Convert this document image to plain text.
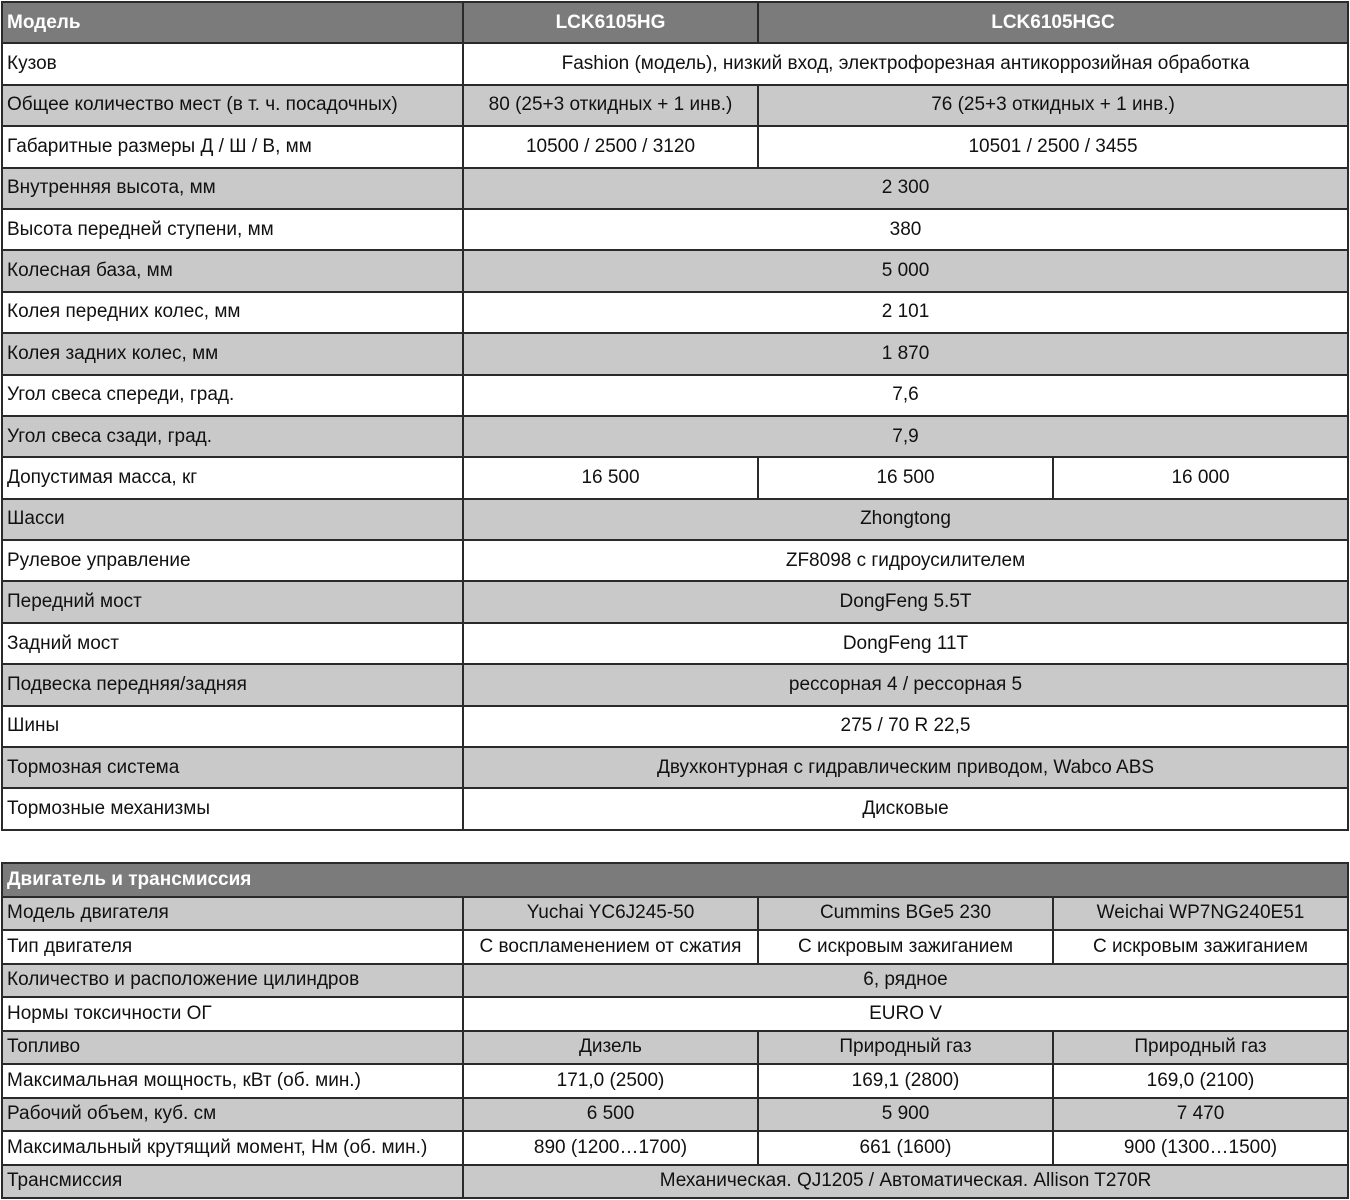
Модель	LCK6105HG	LCK6105HGC	
Кузов	Fashion (модель), низкий вход, электрофорезная антикоррозийная обработка		
Общее количество мест (в т. ч. посадочных)	80 (25+3 откидных + 1 инв.)	76 (25+3 откидных + 1 инв.)	
Габаритные размеры Д / Ш / В, мм	10500 / 2500 / 3120	10501 / 2500 / 3455	
Внутренняя высота, мм	2 300		
Высота передней ступени, мм	380		
Колесная база, мм	5 000		
Колея передних колес, мм	2 101		
Колея задних колес, мм	1 870		
Угол свеса спереди, град.	7,6		
Угол свеса сзади, град.	7,9		
Допустимая масса, кг	16 500	16 500	16 000
Шасси	Zhongtong		
Рулевое управление	ZF8098 с гидроусилителем		
Передний мост	DongFeng 5.5T		
Задний мост	DongFeng 11T		
Подвеска передняя/задняя	рессорная 4 / рессорная 5		
Шины	275 / 70 R 22,5		
Тормозная система	Двухконтурная с гидравлическим приводом, Wabco ABS		
Тормозные механизмы	Дисковые		
Двигатель и трансмиссия			
Модель двигателя	Yuchai YC6J245-50	Cummins BGe5 230	Weichai WP7NG240E51
Тип двигателя	С воспламенением от сжатия	С искровым зажиганием	С искровым зажиганием
Количество и расположение цилиндров	6, рядное		
Нормы токсичности ОГ	EURO V		
Топливо	Дизель	Природный газ	Природный газ
Максимальная мощность, кВт (об. мин.)	171,0 (2500)	169,1 (2800)	169,0 (2100)
Рабочий объем, куб. см	6 500	5 900	7 470
Максимальный крутящий момент, Нм (об. мин.)	890 (1200…1700)	661 (1600)	900 (1300…1500)
Трансмиссия	Механическая. QJ1205 / Автоматическая. Allison T270R		
